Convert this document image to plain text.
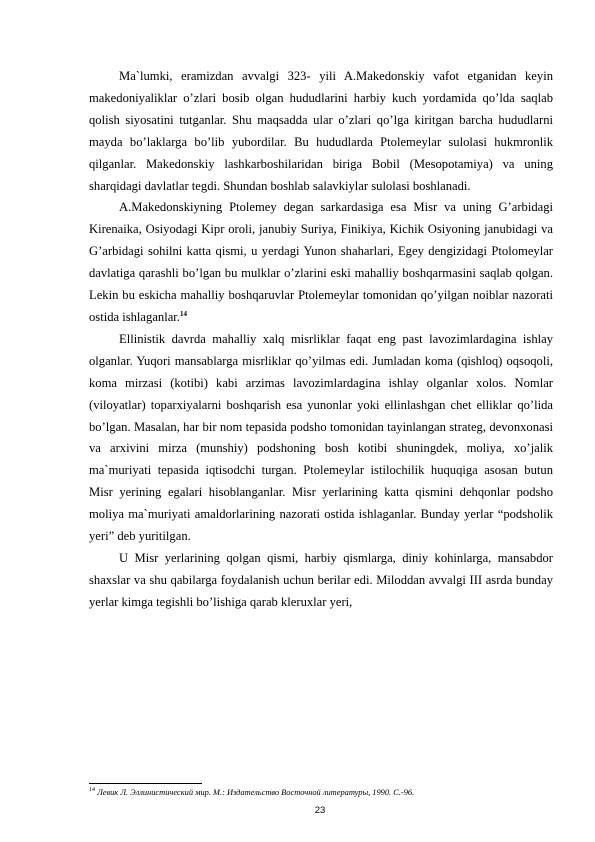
Ma`lumki, eramizdan avvalgi 323- yili A.Makedonskiy vafot etganidan keyin makedoniyaliklar o’zlari bosib olgan hududlarini harbiy kuch yordamida qo’lda saqlab qolish siyosatini tutganlar. Shu maqsadda ular o’zlari qo’lga kiritgan barcha hududlarni mayda bo’laklarga bo’lib yubordilar. Bu hududlarda Ptolemeylar sulolasi hukmronlik qilganlar. Makedonskiy lashkarboshilaridan biriga Bobil (Mesopotamiya) va uning sharqidagi davlatlar tegdi. Shundan boshlab salavkiylar sulolasi boshlanadi.

A.Makedonskiyning Ptolemey degan sarkardasiga esa Misr va uning G’arbidagi Kirenaika, Osiyodagi Kipr oroli, janubiy Suriya, Finikiya, Kichik Osiyoning janubidagi va G’arbidagi sohilni katta qismi, u yerdagi Yunon shaharlari, Egey dengizidagi Ptolomeylar davlatiga qarashli bo’lgan bu mulklar o’zlarini eski mahalliy boshqarmasini saqlab qolgan. Lekin bu eskicha mahalliy boshqaruvlar Ptolemeylar tomonidan qo’yilgan noiblar nazorati ostida ishlaganlar.$^{14}$

Ellinistik davrda mahalliy xalq misrliklar faqat eng past lavozimlardagina ishlay olganlar. Yuqori mansablarga misrliklar qo’yilmas edi. Jumladan koma (qishloq) oqsoqoli, koma mirzasi (kotibi) kabi arzimas lavozimlardagina ishlay olganlar xolos. Nomlar (viloyatlar) toparxiyalarni boshqarish esa yunonlar yoki ellinlashgan chet elliklar qo’lida bo’lgan. Masalan, har bir nom tepasida podsho tomonidan tayinlangan strateg, devonxonasi va arxivini mirza (munshiy) podshoning bosh kotibi shuningdek, moliya, xo’jalik ma`muriyati tepasida iqtisodchi turgan. Ptolemeylar istilochilik huquqiga asosan butun Misr yerining egalari hisoblanganlar. Misr yerlarining katta qismini dehqonlar podsho moliya ma`muriyati amaldorlarining nazorati ostida ishlaganlar. Bunday yerlar “podsholik yeri” deb yuritilgan.

U Misr yerlarining qolgan qismi, harbiy qismlarga, diniy kohinlarga, mansabdor shaxslar va shu qabilarga foydalanish uchun berilar edi. Miloddan avvalgi III asrda bunday yerlar kimga tegishli bo’lishiga qarab kleruxlar yeri,

$^{14}$ Левик Л. Эллинистический мир. М.: Издательство Восточной литературы, 1990. С.-96.
23
